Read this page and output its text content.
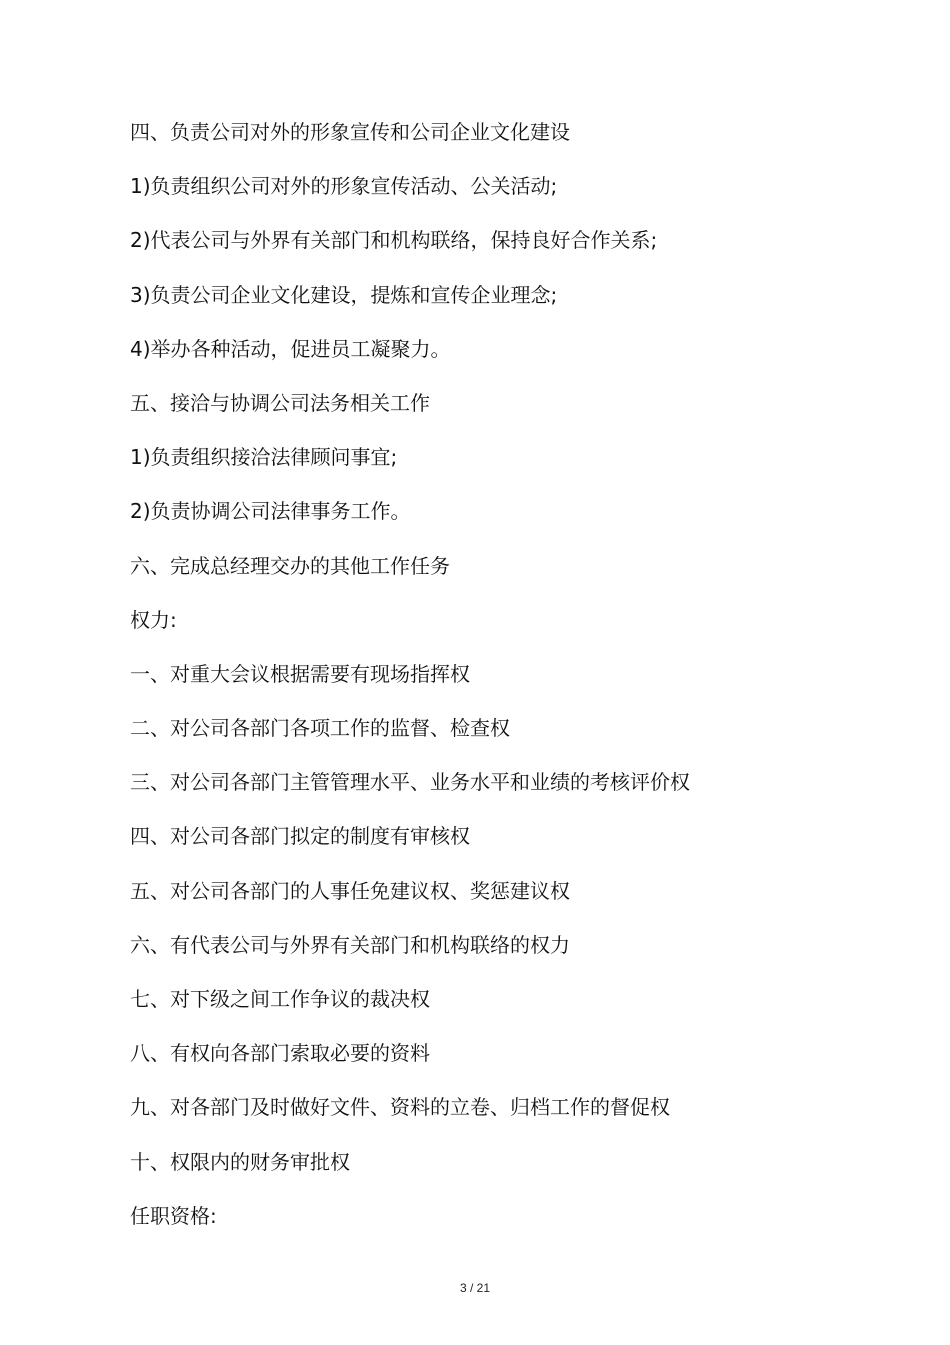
四、负责公司对外的形象宣传和公司企业文化建设
1)负责组织公司对外的形象宣传活动、公关活动;
2)代表公司与外界有关部门和机构联络，保持良好合作关系;
3)负责公司企业文化建设，提炼和宣传企业理念;
4)举办各种活动，促进员工凝聚力。
五、接洽与协调公司法务相关工作
1)负责组织接洽法律顾问事宜;
2)负责协调公司法律事务工作。
六、完成总经理交办的其他工作任务
权力:
一、对重大会议根据需要有现场指挥权
二、对公司各部门各项工作的监督、检查权
三、对公司各部门主管管理水平、业务水平和业绩的考核评价权
四、对公司各部门拟定的制度有审核权
五、对公司各部门的人事任免建议权、奖惩建议权
六、有代表公司与外界有关部门和机构联络的权力
七、对下级之间工作争议的裁决权
八、有权向各部门索取必要的资料
九、对各部门及时做好文件、资料的立卷、归档工作的督促权
十、权限内的财务审批权
任职资格:
3 / 21
